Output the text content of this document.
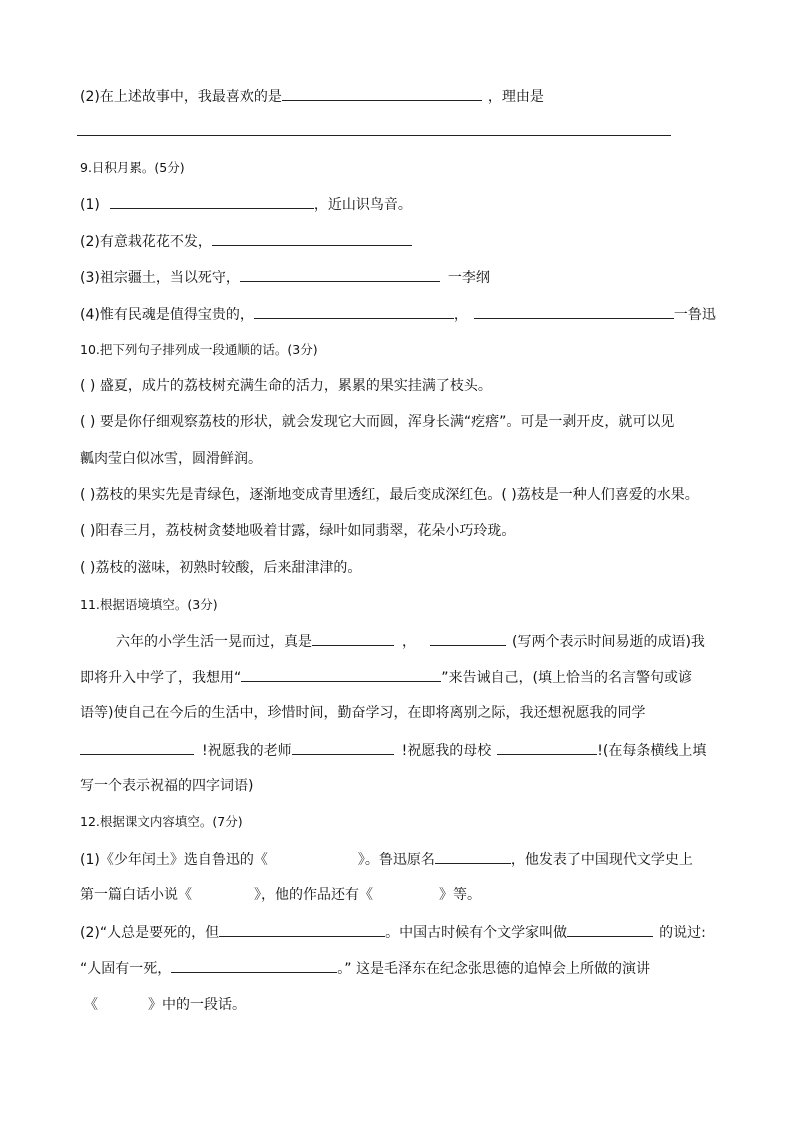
(2)在上述故事中，我最喜欢的是	，理由是
9.日积月累。(5分)
(1)	，近山识鸟音。
(2)有意栽花花不发，
(3)祖宗疆土，当以死守，	一李纲
(4)惟有民魂是值得宝贵的，	，	一鲁迅
10.把下列句子排列成一段通顺的话。(3分)
( ) 盛夏，成片的荔枝树充满生命的活力，累累的果实挂满了枝头。
( ) 要是你仔细观察荔枝的形状，就会发现它大而圆，浑身长满“疙瘩”。可是一剥开皮，就可以见
瓤肉莹白似冰雪，圆滑鲜润。
( )荔枝的果实先是青绿色，逐渐地变成青里透红，最后变成深红色。( )荔枝是一种人们喜爱的水果。
( )阳春三月，荔枝树贪婪地吸着甘露，绿叶如同翡翠，花朵小巧玲珑。
( )荔枝的滋味，初熟时较酸，后来甜津津的。
11.根据语境填空。(3分)
六年的小学生活一晃而过，真是	，	(写两个表示时间易逝的成语)我
即将升入中学了，我想用“	”来告诫自己，(填上恰当的名言警句或谚
语等)使自己在今后的生活中，珍惜时间，勤奋学习，在即将离别之际，我还想祝愿我的同学
!祝愿我的老师	!祝愿我的母校	!(在每条横线上填
写一个表示祝福的四字词语)
12.根据课文内容填空。(7分)
(1)《少年闰土》选自鲁迅的《	》。鲁迅原名	，他发表了中国现代文学史上
第一篇白话小说《	》，他的作品还有《	》等。
(2)“人总是要死的，但	。中国古时候有个文学家叫做	的说过:
“人固有一死，	。” 这是毛泽东在纪念张思德的追悼会上所做的演讲
《	》中的一段话。
